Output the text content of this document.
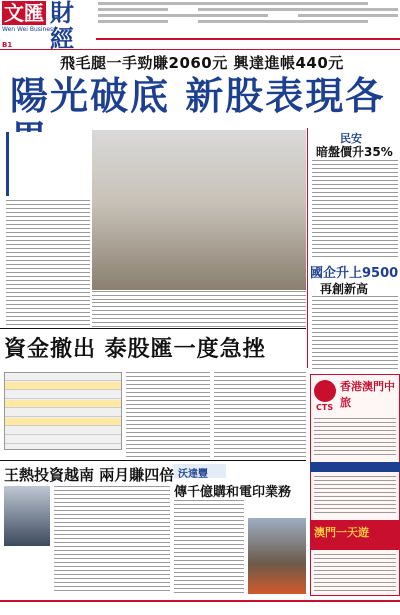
文匯 財經
Wen Wei Business
B1
飛毛腿一手勁賺2060元 興達進帳440元
陽光破底 新股表現各
民安
暗盤價升35%
國企升上9500
再創新高
資金撤出 泰股匯一度急挫
王熱投資越南 兩月賺四倍 沃達豐
傳千億購和電印業務
香港澳門中旅
CTS
澳門一天遊
